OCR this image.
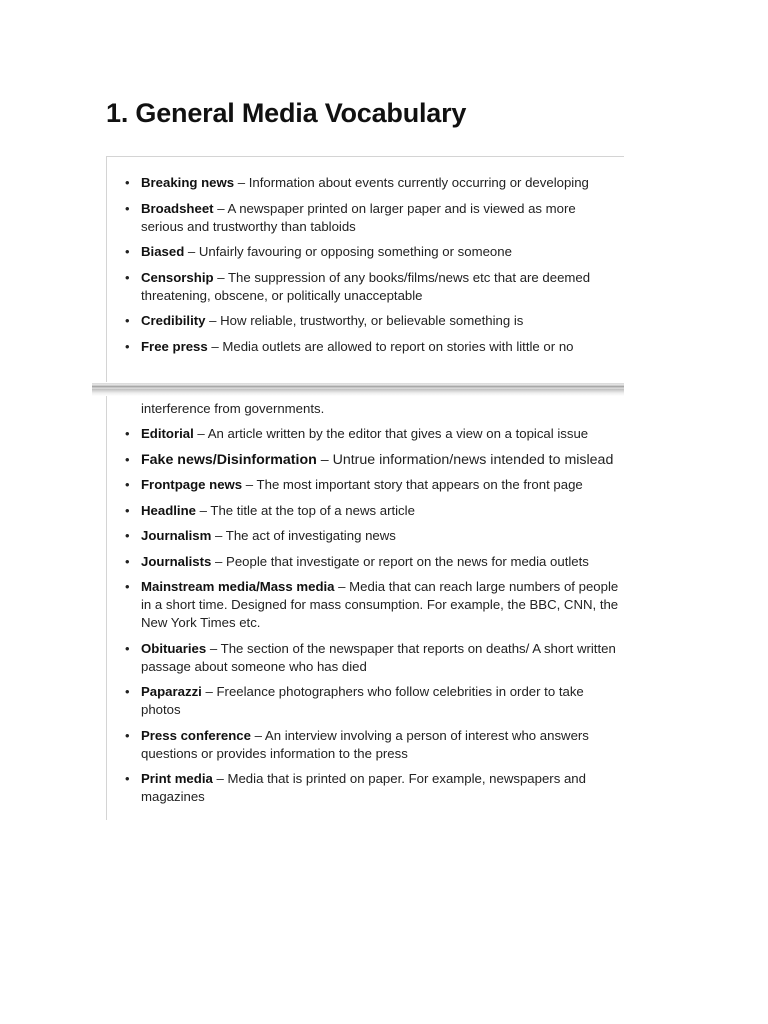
1. General Media Vocabulary
• Breaking news – Information about events currently occurring or developing
• Broadsheet – A newspaper printed on larger paper and is viewed as more serious and trustworthy than tabloids
• Biased – Unfairly favouring or opposing something or someone
• Censorship – The suppression of any books/films/news etc that are deemed threatening, obscene, or politically unacceptable
• Credibility – How reliable, trustworthy, or believable something is
• Free press – Media outlets are allowed to report on stories with little or no
interference from governments.
• Editorial – An article written by the editor that gives a view on a topical issue
• Fake news/Disinformation – Untrue information/news intended to mislead
• Frontpage news – The most important story that appears on the front page
• Headline – The title at the top of a news article
• Journalism – The act of investigating news
• Journalists – People that investigate or report on the news for media outlets
• Mainstream media/Mass media – Media that can reach large numbers of people in a short time. Designed for mass consumption. For example, the BBC, CNN, the New York Times etc.
• Obituaries – The section of the newspaper that reports on deaths/ A short written passage about someone who has died
• Paparazzi – Freelance photographers who follow celebrities in order to take photos
• Press conference – An interview involving a person of interest who answers questions or provides information to the press
• Print media – Media that is printed on paper. For example, newspapers and magazines
